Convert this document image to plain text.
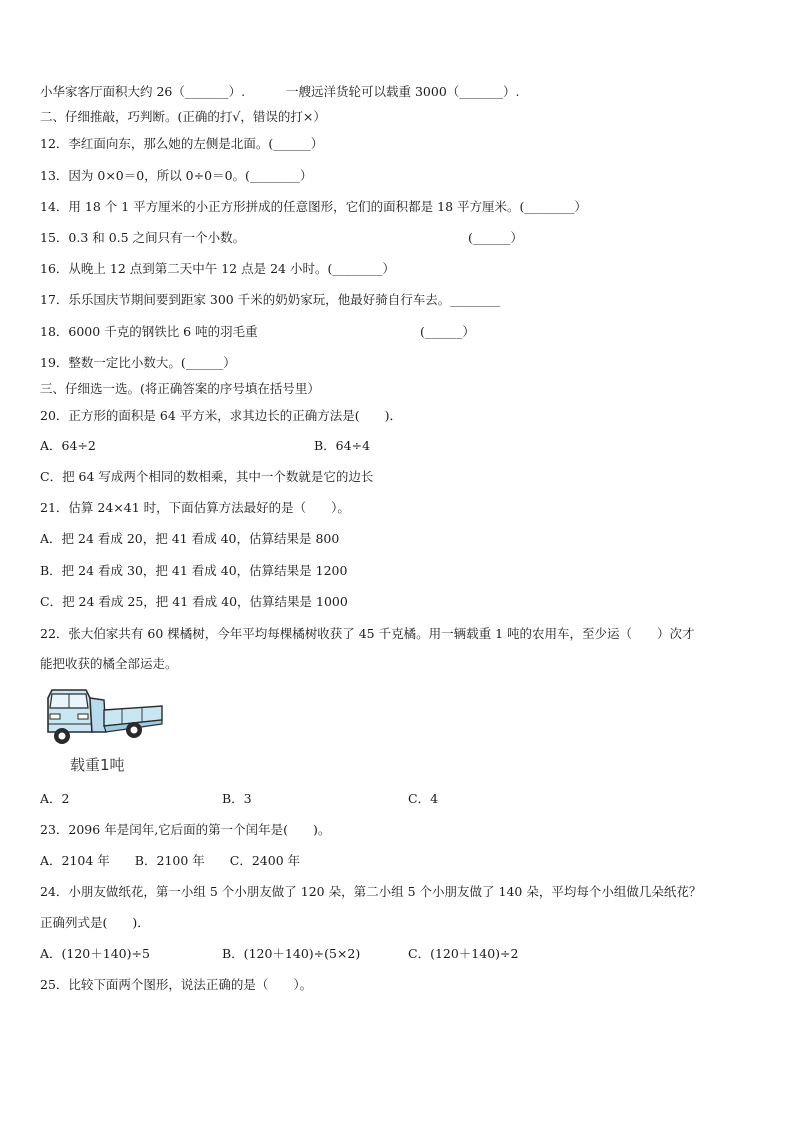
小华家客厅面积大约 26（_______）.	一艘远洋货轮可以载重 3000（_______）.
二、仔细推敲，巧判断。(正确的打√，错误的打×）
12．李红面向东，那么她的左侧是北面。(______）
13．因为 0×0＝0，所以 0÷0＝0。(________）
14．用 18 个 1 平方厘米的小正方形拼成的任意图形，它们的面积都是 18 平方厘米。(________）
15．0.3 和 0.5 之间只有一个小数。	(______）
16．从晚上 12 点到第二天中午 12 点是 24 小时。(________）
17．乐乐国庆节期间要到距家 300 千米的奶奶家玩，他最好骑自行车去。________
18．6000 千克的钢铁比 6 吨的羽毛重	(______）
19．整数一定比小数大。(______）
三、仔细选一选。(将正确答案的序号填在括号里）
20．正方形的面积是 64 平方米，求其边长的正确方法是(　　)．
A．64÷2	B．64÷4
C．把 64 写成两个相同的数相乘，其中一个数就是它的边长
21．估算 24×41 时，下面估算方法最好的是（　　）。
A．把 24 看成 20，把 41 看成 40，估算结果是 800
B．把 24 看成 30，把 41 看成 40，估算结果是 1200
C．把 24 看成 25，把 41 看成 40，估算结果是 1000
22．张大伯家共有 60 棵橘树，今年平均每棵橘树收获了 45 千克橘。用一辆载重 1 吨的农用车，至少运（　　）次才
能把收获的橘全部运走。
载重1吨
A．2	B．3	C．4
23．2096 年是闰年,它后面的第一个闰年是(　　)。
A．2104 年　　B．2100 年　　C．2400 年
24．小朋友做纸花，第一小组 5 个小朋友做了 120 朵，第二小组 5 个小朋友做了 140 朵，平均每个小组做几朵纸花？
正确列式是(　　)．
A．(120＋140)÷5	B．(120＋140)÷(5×2)	C．(120＋140)÷2
25．比较下面两个图形，说法正确的是（　　）。
